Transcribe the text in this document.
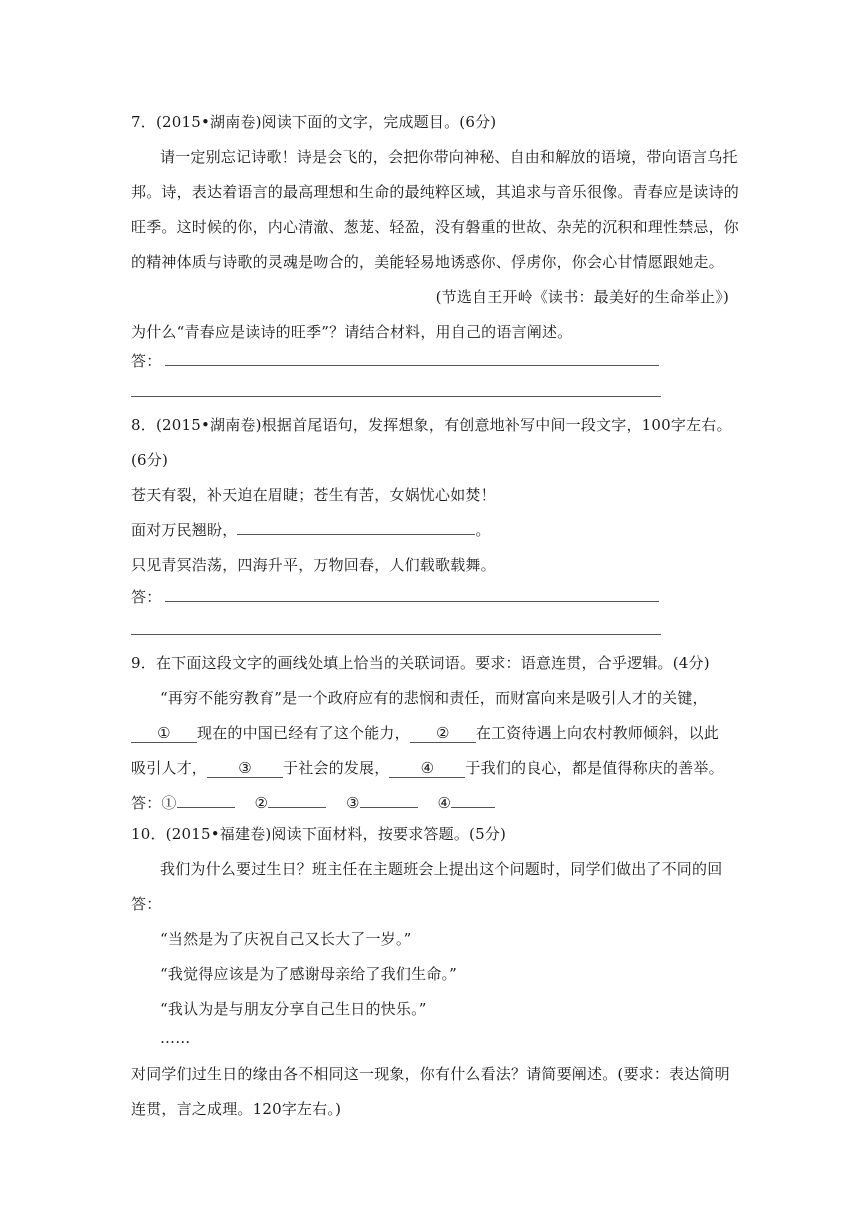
7．(2015•湖南卷)阅读下面的文字，完成题目。(6分)
请一定别忘记诗歌！诗是会飞的，会把你带向神秘、自由和解放的语境，带向语言乌托
邦。诗，表达着语言的最高理想和生命的最纯粹区域，其追求与音乐很像。青春应是读诗的
旺季。这时候的你，内心清澈、葱茏、轻盈，没有磐重的世故、杂芜的沉积和理性禁忌，你
的精神体质与诗歌的灵魂是吻合的，美能轻易地诱惑你、俘虏你，你会心甘情愿跟她走。
(节选自王开岭《读书：最美好的生命举止》)
为什么“青春应是读诗的旺季”？请结合材料，用自己的语言阐述。
答：
8．(2015•湖南卷)根据首尾语句，发挥想象，有创意地补写中间一段文字，100字左右。
(6分)
苍天有裂，补天迫在眉睫；苍生有苦，女娲忧心如焚！
面对万民翘盼，	。
只见青冥浩荡，四海升平，万物回春，人们载歌载舞。
答：
9．在下面这段文字的画线处填上恰当的关联词语。要求：语意连贯，合乎逻辑。(4分)
“再穷不能穷教育”是一个政府应有的悲悯和责任，而财富向来是吸引人才的关键，
① 现在的中国已经有了这个能力， ② 在工资待遇上向农村教师倾斜，以此
吸引人才， ③ 于社会的发展， ④ 于我们的良心，都是值得称庆的善举。
答：①	②	③	④
10．(2015•福建卷)阅读下面材料，按要求答题。(5分)
我们为什么要过生日？班主任在主题班会上提出这个问题时，同学们做出了不同的回
答：
“当然是为了庆祝自己又长大了一岁。”
“我觉得应该是为了感谢母亲给了我们生命。”
“我认为是与朋友分享自己生日的快乐。”
……
对同学们过生日的缘由各不相同这一现象，你有什么看法？请简要阐述。(要求：表达简明
连贯，言之成理。120字左右。)
